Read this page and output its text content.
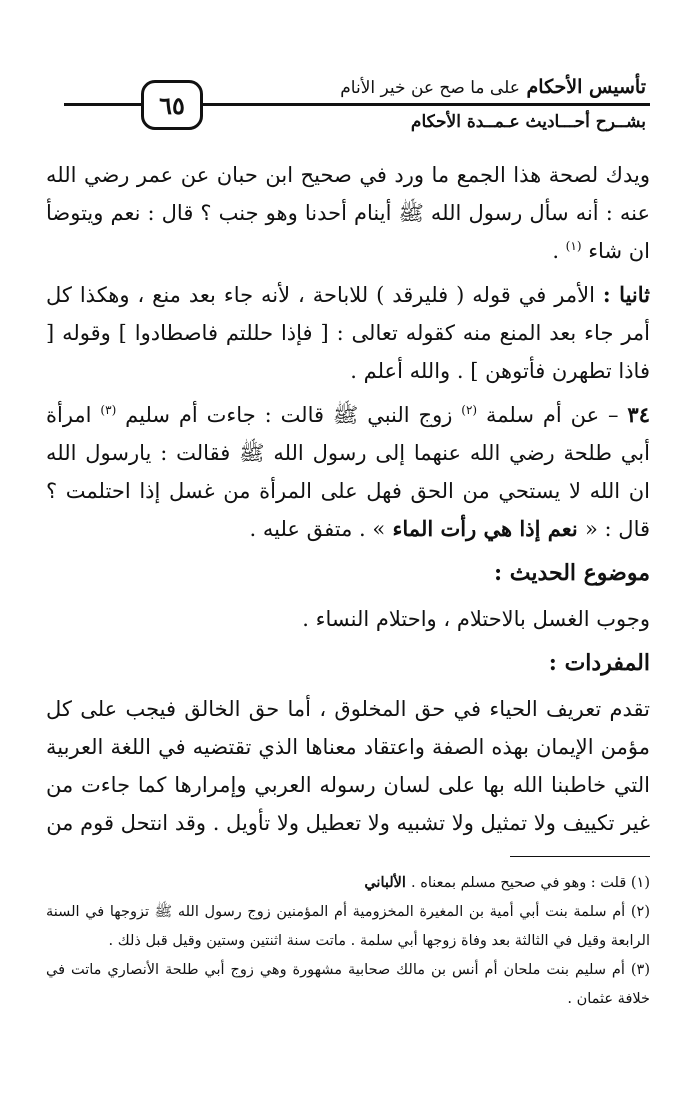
تأسيس الأحكام على ما صح عن خير الأنام
٦٥
بشــرح أحـــاديث عـمــدة الأحكام

ويدك لصحة هذا الجمع ما ورد في صحيح ابن حبان عن عمر رضي الله عنه : أنه سأل رسول الله ﷺ أينام أحدنا وهو جنب ؟ قال : نعم ويتوضأ ان شاء $^{(١)}$ .

ثانيا : الأمر في قوله ( فليرقد ) للاباحة ، لأنه جاء بعد منع ، وهكذا كل أمر جاء بعد المنع منه كقوله تعالى : [ فإذا حللتم فاصطادوا ] وقوله [ فاذا تطهرن فأتوهن ] . والله أعلم .

٣٤ – عن أم سلمة $^{(٢)}$ زوج النبي ﷺ قالت : جاءت أم سليم $^{(٣)}$ امرأة أبي طلحة رضي الله عنهما إلى رسول الله ﷺ فقالت : يارسول الله ان الله لا يستحي من الحق فهل على المرأة من غسل إذا احتلمت ؟ قال : « نعم إذا هي رأت الماء » . متفق عليه .

موضوع الحديث :

وجوب الغسل بالاحتلام ، واحتلام النساء .

المفردات :

تقدم تعريف الحياء في حق المخلوق ، أما حق الخالق فيجب على كل مؤمن الإيمان بهذه الصفة واعتقاد معناها الذي تقتضيه في اللغة العربية التي خاطبنا الله بها على لسان رسوله العربي وإمرارها كما جاءت من غير تكييف ولا تمثيل ولا تشبيه ولا تعطيل ولا تأويل . وقد انتحل قوم من

(١) قلت : وهو في صحيح مسلم بمعناه . الألباني

(٢) أم سلمة بنت أبي أمية بن المغيرة المخزومية أم المؤمنين زوج رسول الله ﷺ تزوجها في السنة الرابعة وقيل في الثالثة بعد وفاة زوجها أبي سلمة . ماتت سنة اثنتين وستين وقيل قبل ذلك .

(٣) أم سليم بنت ملحان أم أنس بن مالك صحابية مشهورة وهي زوج أبي طلحة الأنصاري ماتت في خلافة عثمان .
